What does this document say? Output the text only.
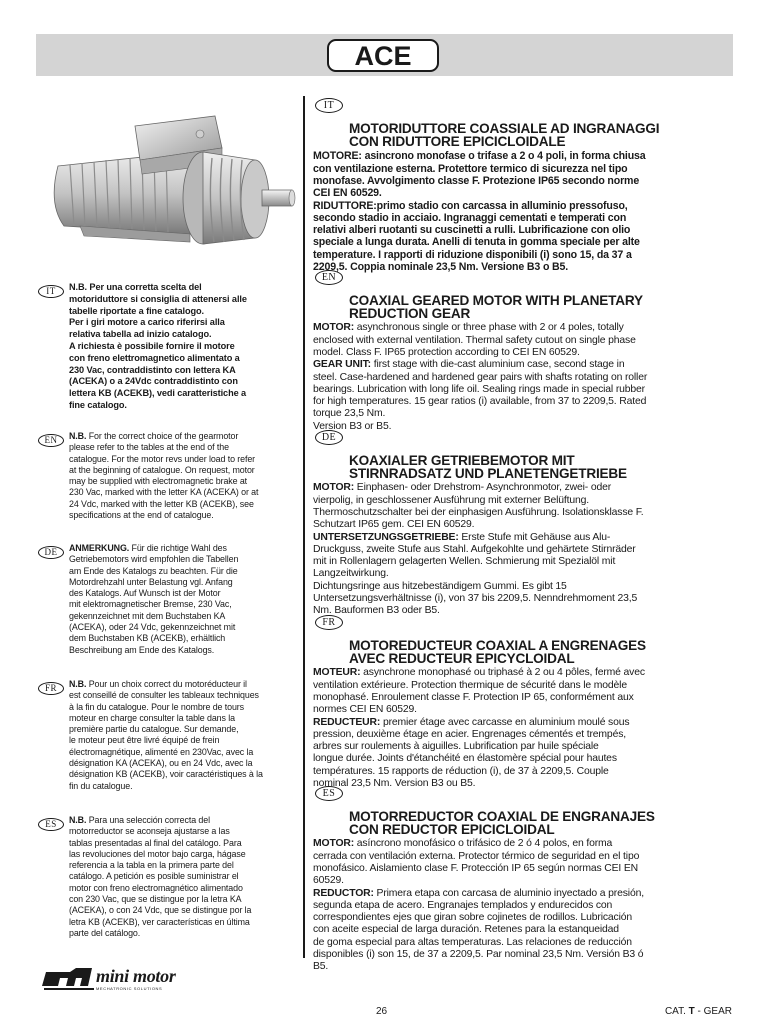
ACE
IT	N.B. Per una corretta scelta del
motoriduttore si consiglia di attenersi alle
tabelle riportate a fine catalogo.
Per i giri motore a carico riferirsi alla
relativa tabella ad inizio catalogo.
A richiesta è possibile fornire il motore
con freno elettromagnetico alimentato a
230 Vac, contraddistinto con lettera KA
(ACEKA) o a 24Vdc contraddistinto con
lettera KB (ACEKB), vedi caratteristiche a
fine catalogo.
EN	N.B. For the correct choice of the gearmotor
please refer to the tables at the end of the
catalogue. For the motor revs under load to refer
at the beginning of catalogue. On request, motor
may be supplied with electromagnetic brake at
230 Vac, marked with the letter KA (ACEKA) or at
24 Vdc, marked with the letter KB (ACEKB), see
specifications at the end of catalogue.
DE	ANMERKUNG. Für die richtige Wahl des
Getriebemotors wird empfohlen die Tabellen
am Ende des Katalogs zu beachten. Für die
Motordrehzahl unter Belastung vgl. Anfang
des Katalogs. Auf Wunsch ist der Motor
mit elektromagnetischer Bremse, 230 Vac,
gekennzeichnet mit dem Buchstaben KA
(ACEKA), oder 24 Vdc, gekennzeichnet mit
dem Buchstaben KB (ACEKB), erhältlich
Beschreibung am Ende des Katalogs.
FR	N.B. Pour un choix correct du motoréducteur il
est conseillé de consulter les tableaux techniques
à la fin du catalogue. Pour le nombre de tours
moteur en charge consulter la table dans la
première partie du catalogue. Sur demande,
le moteur peut être livré équipé de frein
électromagnétique, alimenté en 230Vac, avec la
désignation KA (ACEKA), ou en 24 Vdc, avec la
désignation KB (ACEKB), voir caractéristiques à la
fin du catalogue.
ES	N.B. Para una selección correcta del
motorreductor se aconseja ajustarse a las
tablas presentadas al final del catálogo. Para
las revoluciones del motor bajo carga, hágase
referencia a la tabla en la primera parte del
catálogo. A petición es posible suministrar el
motor con freno electromagnético alimentado
con 230 Vac, que se distingue por la letra KA
(ACEKA), o con 24 Vdc, que se distingue por la
letra KB (ACEKB), ver características en última
parte del catálogo.

IT

MOTORIDUTTORE COASSIALE AD INGRANAGGI
CON RIDUTTORE EPICICLOIDALE

MOTORE: asincrono monofase o trifase a 2 o 4 poli, in forma chiusa
con ventilazione esterna. Protettore termico di sicurezza nel tipo
monofase. Avvolgimento classe F. Protezione IP65 secondo norme
CEI EN 60529.
RIDUTTORE:primo stadio con carcassa in alluminio pressofuso,
secondo stadio in acciaio. Ingranaggi cementati e temperati con
relativi alberi ruotanti su cuscinetti a rulli. Lubrificazione con olio
speciale a lunga durata. Anelli di tenuta in gomma speciale per alte
temperature. I rapporti di riduzione disponibili (i) sono 15, da 37 a
2209,5. Coppia nominale 23,5 Nm. Versione B3 o B5.

EN

COAXIAL GEARED MOTOR WITH PLANETARY
REDUCTION GEAR

MOTOR: asynchronous single or three phase with 2 or 4 poles, totally
enclosed with external ventilation. Thermal safety cutout on single phase
model. Class F. IP65 protection according to CEI EN 60529.
GEAR UNIT: first stage with die-cast aluminium case, second stage in
steel. Case-hardened and hardened gear pairs with shafts rotating on roller
bearings. Lubrication with long life oil. Sealing rings made in special rubber
for high temperatures. 15 gear ratios (i) available, from 37 to 2209,5. Rated
torque 23,5 Nm.
Version B3 or B5.

DE

KOAXIALER GETRIEBEMOTOR MIT
STIRNRADSATZ UND PLANETENGETRIEBE

MOTOR: Einphasen- oder Drehstrom- Asynchronmotor, zwei- oder
vierpolig, in geschlossener Ausführung mit externer Belüftung.
Thermoschutzschalter bei der einphasigen Ausführung. Isolationsklasse F.
Schutzart IP65 gem. CEI EN 60529.
UNTERSETZUNGSGETRIEBE: Erste Stufe mit Gehäuse aus Alu-
Druckguss, zweite Stufe aus Stahl. Aufgekohlte und gehärtete Stirnräder
mit in Rollenlagern gelagerten Wellen. Schmierung mit Spezialöl mit
Langzeitwirkung.
Dichtungsringe aus hitzebeständigem Gummi. Es gibt 15
Untersetzungsverhältnisse (i), von 37 bis 2209,5. Nenndrehmoment 23,5
Nm. Bauformen B3 oder B5.

FR

MOTOREDUCTEUR COAXIAL A ENGRENAGES
AVEC REDUCTEUR EPICYCLOIDAL

MOTEUR: asynchrone monophasé ou triphasé à 2 ou 4 pôles, fermé avec
ventilation extérieure. Protection thermique de sécurité dans le modèle
monophasé. Enroulement classe F. Protection IP 65, conformément aux
normes CEI EN 60529.
REDUCTEUR: premier étage avec carcasse en aluminium moulé sous
pression, deuxième étage en acier. Engrenages cémentés et trempés,
arbres sur roulements à aiguilles. Lubrification par huile spéciale
longue durée. Joints d'étanchéité en élastomère spécial pour hautes
températures. 15 rapports de réduction (i), de 37 à 2209,5. Couple
nominal 23,5 Nm. Version B3 ou B5.

ES

MOTORREDUCTOR COAXIAL DE ENGRANAJES
CON REDUCTOR EPICICLOIDAL

MOTOR: asíncrono monofásico o trifásico de 2 ó 4 polos, en forma
cerrada con ventilación externa. Protector térmico de seguridad en el tipo
monofásico. Aislamiento clase F. Protección IP 65 según normas CEI EN
60529.
REDUCTOR: Primera etapa con carcasa de aluminio inyectado a presión,
segunda etapa de acero. Engranajes templados y endurecidos con
correspondientes ejes que giran sobre cojinetes de rodillos. Lubricación
con aceite especial de larga duración. Retenes para la estanqueidad
de goma especial para altas temperaturas. Las relaciones de reducción
disponibles (i) son 15, de 37 a 2209,5. Par nominal 23,5 Nm. Versión B3 ó
B5.
mini motor
MECHATRONIC SOLUTIONS
26	CAT. T - GEAR
